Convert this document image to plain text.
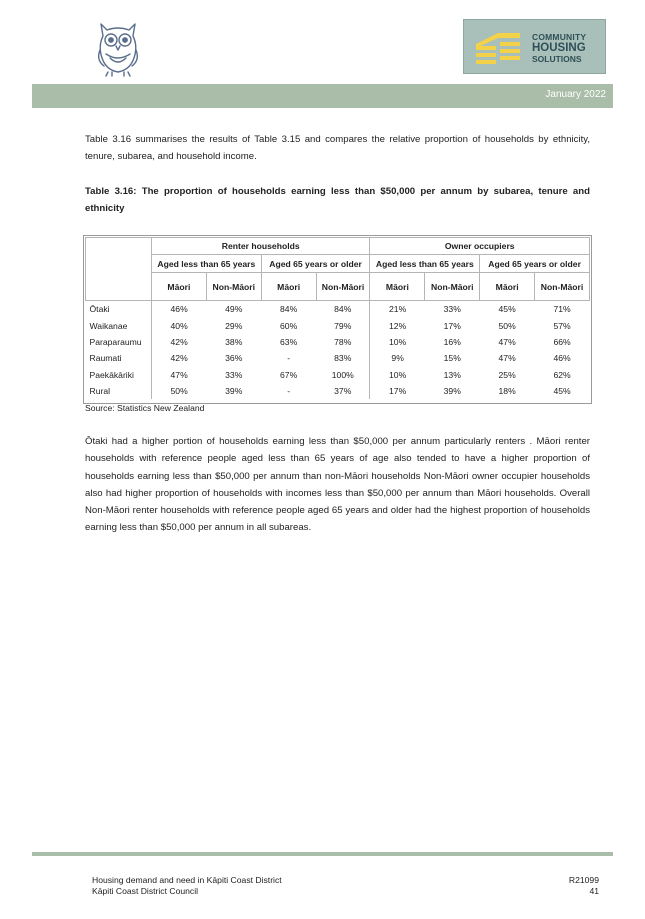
COMMUNITY
HOUSING
SOLUTIONS
January 2022
Table 3.16 summarises the results of Table 3.15 and compares the relative proportion of households by ethnicity, tenure, subarea, and household income.
Table 3.16: The proportion of households earning less than $50,000 per annum by subarea, tenure and ethnicity
	Renter households				Owner occupiers			
	Aged less than 65 years		Aged 65 years or older		Aged less than 65 years		Aged 65 years or older	
	Māori	Non-Māori	Māori	Non-Māori	Māori	Non-Māori	Māori	Non-Māori
Ōtaki	46%	49%	84%	84%	21%	33%	45%	71%
Waikanae	40%	29%	60%	79%	12%	17%	50%	57%
Paraparaumu	42%	38%	63%	78%	10%	16%	47%	66%
Raumati	42%	36%	-	83%	9%	15%	47%	46%
Paekākāriki	47%	33%	67%	100%	10%	13%	25%	62%
Rural	50%	39%	-	37%	17%	39%	18%	45%
Source: Statistics New Zealand
Ōtaki had a higher portion of households earning less than $50,000 per annum particularly renters . Māori renter households with reference people aged less than 65 years of age also tended to have a higher proportion of households earning less than $50,000 per annum than non-Māori households Non-Māori owner occupier households also had higher proportion of households with incomes less than $50,000 per annum than Māori households. Overall Non-Māori renter households with reference people aged 65 years and older had the highest proportion of households earning less than $50,000 per annum in all subareas.
Housing demand and need in Kāpiti Coast District
Kāpiti Coast District Council
R21099
41
